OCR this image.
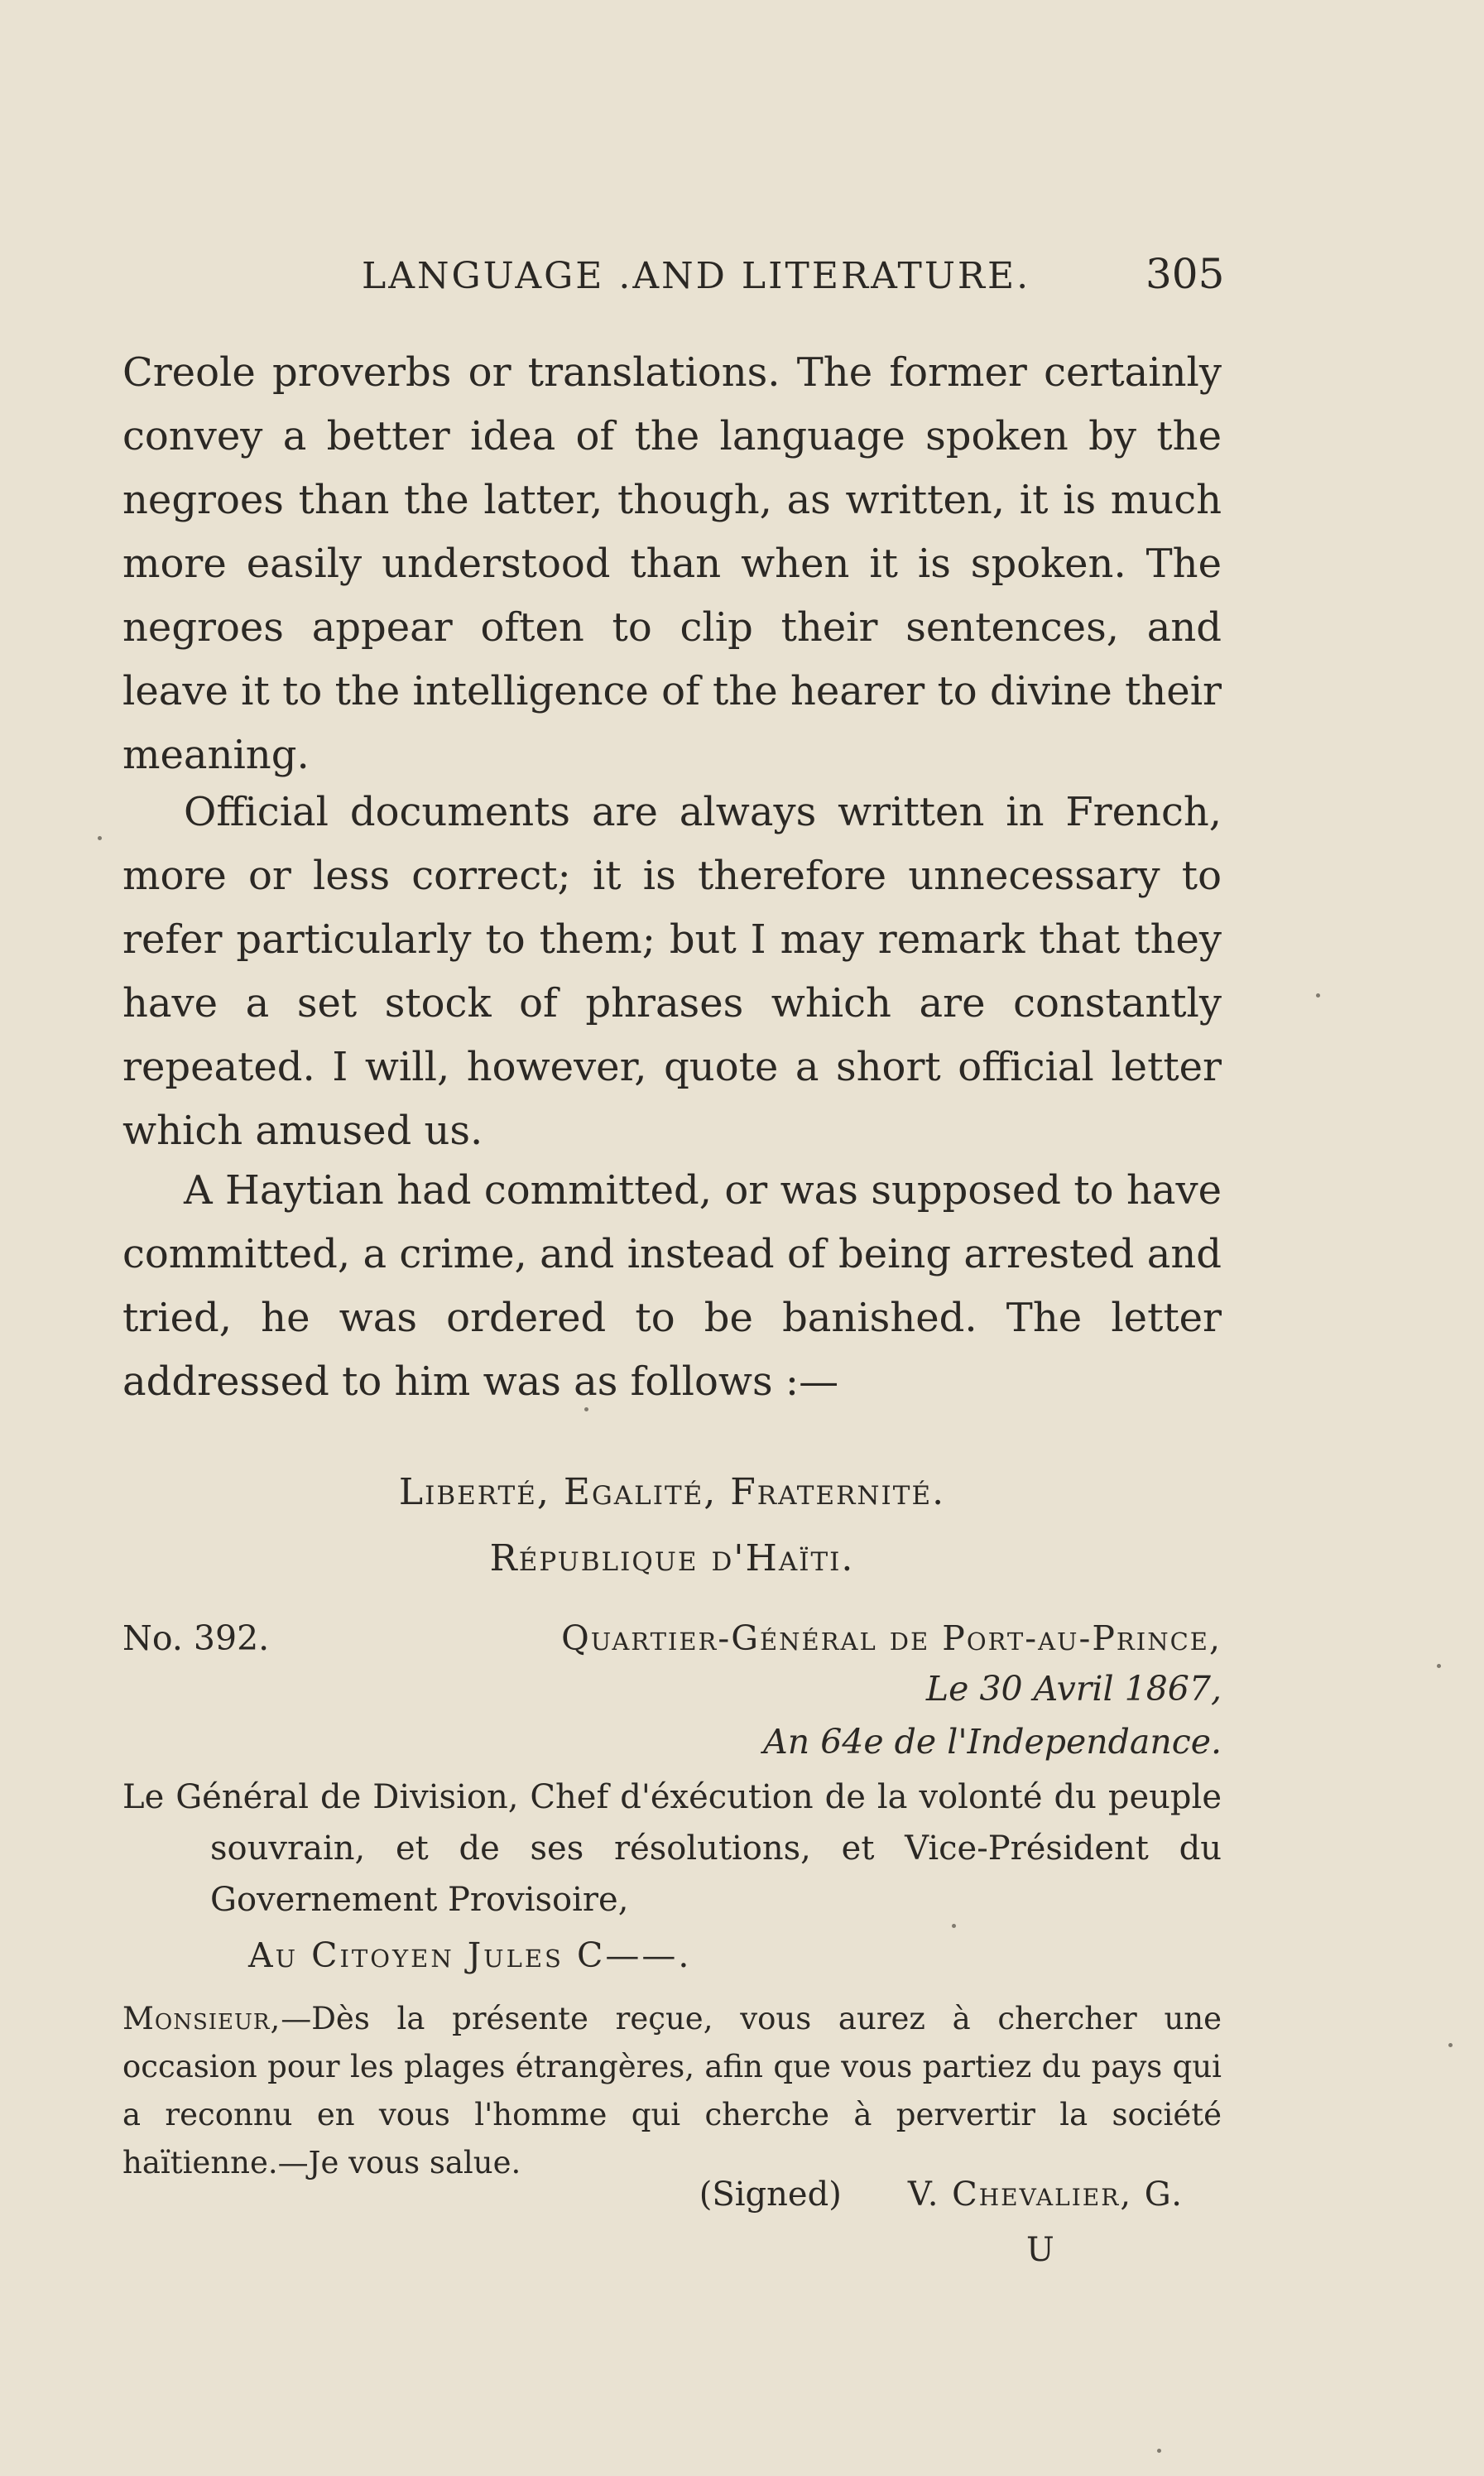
LANGUAGE .AND LITERATURE.	305
Creole proverbs or translations. The former certainly convey a better idea of the language spoken by the negroes than the latter, though, as written, it is much more easily understood than when it is spoken. The negroes appear often to clip their sentences, and leave it to the intelligence of the hearer to divine their meaning.
Official documents are always written in French, more or less correct; it is therefore unnecessary to refer particularly to them; but I may remark that they have a set stock of phrases which are constantly repeated. I will, however, quote a short official letter which amused us.
A Haytian had committed, or was supposed to have committed, a crime, and instead of being arrested and tried, he was ordered to be banished. The letter addressed to him was as follows :—
Liberté, Egalité, Fraternité.
République d'Haïti.
No. 392.	Quartier-Général de Port-au-Prince,
Le 30 Avril 1867,
An 64e de l'Independance.
Le Général de Division, Chef d'éxécution de la volonté du peuple souvrain, et de ses résolutions, et Vice-Président du Governement Provisoire,
Au Citoyen Jules C——.
Monsieur,—Dès la présente reçue, vous aurez à chercher une occasion pour les plages étrangères, afin que vous partiez du pays qui a reconnu en vous l'homme qui cherche à pervertir la société haïtienne.—Je vous salue.
(Signed) V. Chevalier, G.
U
